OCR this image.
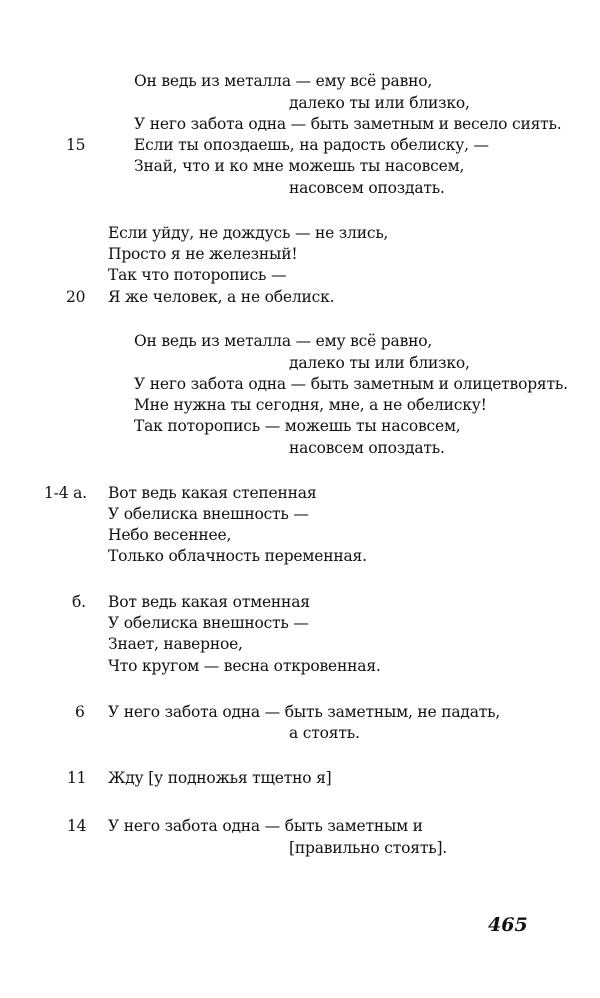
Он ведь из металла — ему всё равно,
далеко ты или близко,
У него забота одна — быть заметным и весело сиять.
15	Если ты опоздаешь, на радость обелиску, —
Знай, что и ко мне можешь ты насовсем,
насовсем опоздать.
Если уйду, не дождусь — не злись,
Просто я не железный!
Так что поторопись —
20 Я же человек, а не обелиск.
Он ведь из металла — ему всё равно,
далеко ты или близко,
У него забота одна — быть заметным и олицетворять.
Мне нужна ты сегодня, мне, а не обелиску!
Так поторопись — можешь ты насовсем,
насовсем опоздать.
1-4 а. Вот ведь какая степенная
У обелиска внешность —
Небо весеннее,
Только облачность переменная.
б. Вот ведь какая отменная
У обелиска внешность —
Знает, наверное,
Что кругом — весна откровенная.
6 У него забота одна — быть заметным, не падать,
а стоять.
11 Жду [у подножья тщетно я]
14 У него забота одна — быть заметным и
[правильно стоять].
465
